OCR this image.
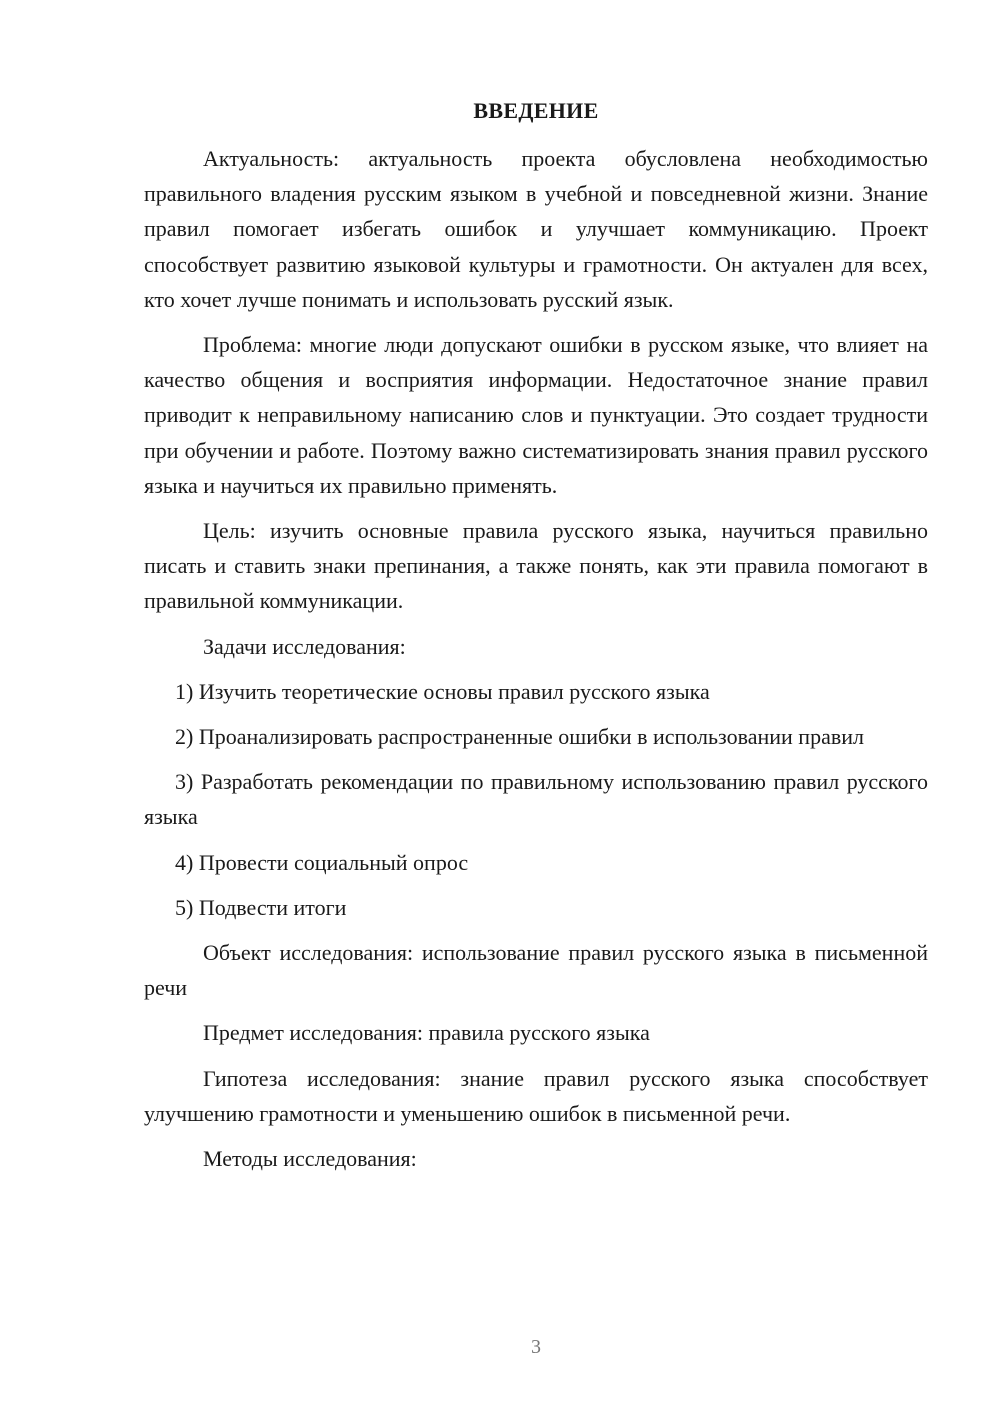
ВВЕДЕНИЕ

Актуальность: актуальность проекта обусловлена необходимостью правильного владения русским языком в учебной и повседневной жизни. Знание правил помогает избегать ошибок и улучшает коммуникацию. Проект способствует развитию языковой культуры и грамотности. Он актуален для всех, кто хочет лучше понимать и использовать русский язык.

Проблема: многие люди допускают ошибки в русском языке, что влияет на качество общения и восприятия информации. Недостаточное знание правил приводит к неправильному написанию слов и пунктуации. Это создает трудности при обучении и работе. Поэтому важно систематизировать знания правил русского языка и научиться их правильно применять.

Цель: изучить основные правила русского языка, научиться правильно писать и ставить знаки препинания, а также понять, как эти правила помогают в правильной коммуникации.

Задачи исследования:

1) Изучить теоретические основы правил русского языка

2) Проанализировать распространенные ошибки в использовании правил

3) Разработать рекомендации по правильному использованию правил русского языка

4) Провести социальный опрос

5) Подвести итоги

Объект исследования: использование правил русского языка в письменной речи

Предмет исследования: правила русского языка

Гипотеза исследования: знание правил русского языка способствует улучшению грамотности и уменьшению ошибок в письменной речи.

Методы исследования:

3
